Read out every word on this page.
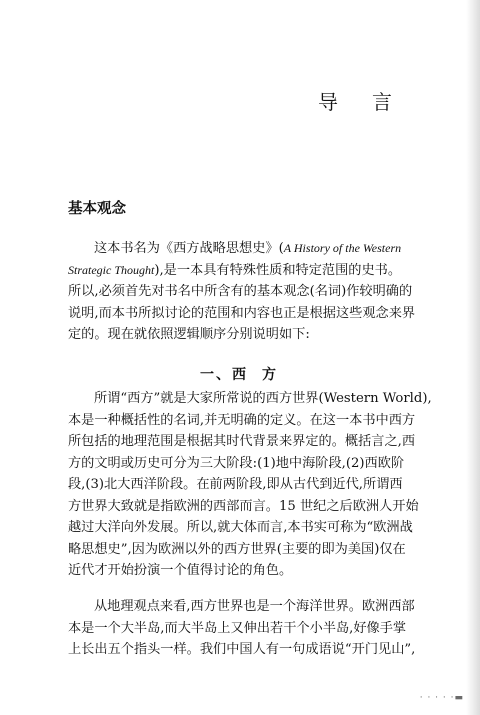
导言
基本观念
这本书名为《西方战略思想史》(A History of the Western
Strategic Thought),是一本具有特殊性质和特定范围的史书。
所以,必须首先对书名中所含有的基本观念(名词)作较明确的
说明,而本书所拟讨论的范围和内容也正是根据这些观念来界
定的。现在就依照逻辑顺序分别说明如下:
一、西 方
所谓“西方”就是大家所常说的西方世界(Western World),
本是一种概括性的名词,并无明确的定义。在这一本书中西方
所包括的地理范围是根据其时代背景来界定的。概括言之,西
方的文明或历史可分为三大阶段:(1)地中海阶段,(2)西欧阶
段,(3)北大西洋阶段。在前两阶段,即从古代到近代,所谓西
方世界大致就是指欧洲的西部而言。15 世纪之后欧洲人开始
越过大洋向外发展。所以,就大体而言,本书实可称为“欧洲战
略思想史”,因为欧洲以外的西方世界(主要的即为美国)仅在
近代才开始扮演一个值得讨论的角色。
从地理观点来看,西方世界也是一个海洋世界。欧洲西部
本是一个大半岛,而大半岛上又伸出若干个小半岛,好像手掌
上长出五个指头一样。我们中国人有一句成语说“开门见山”,
· · · · ·▬
